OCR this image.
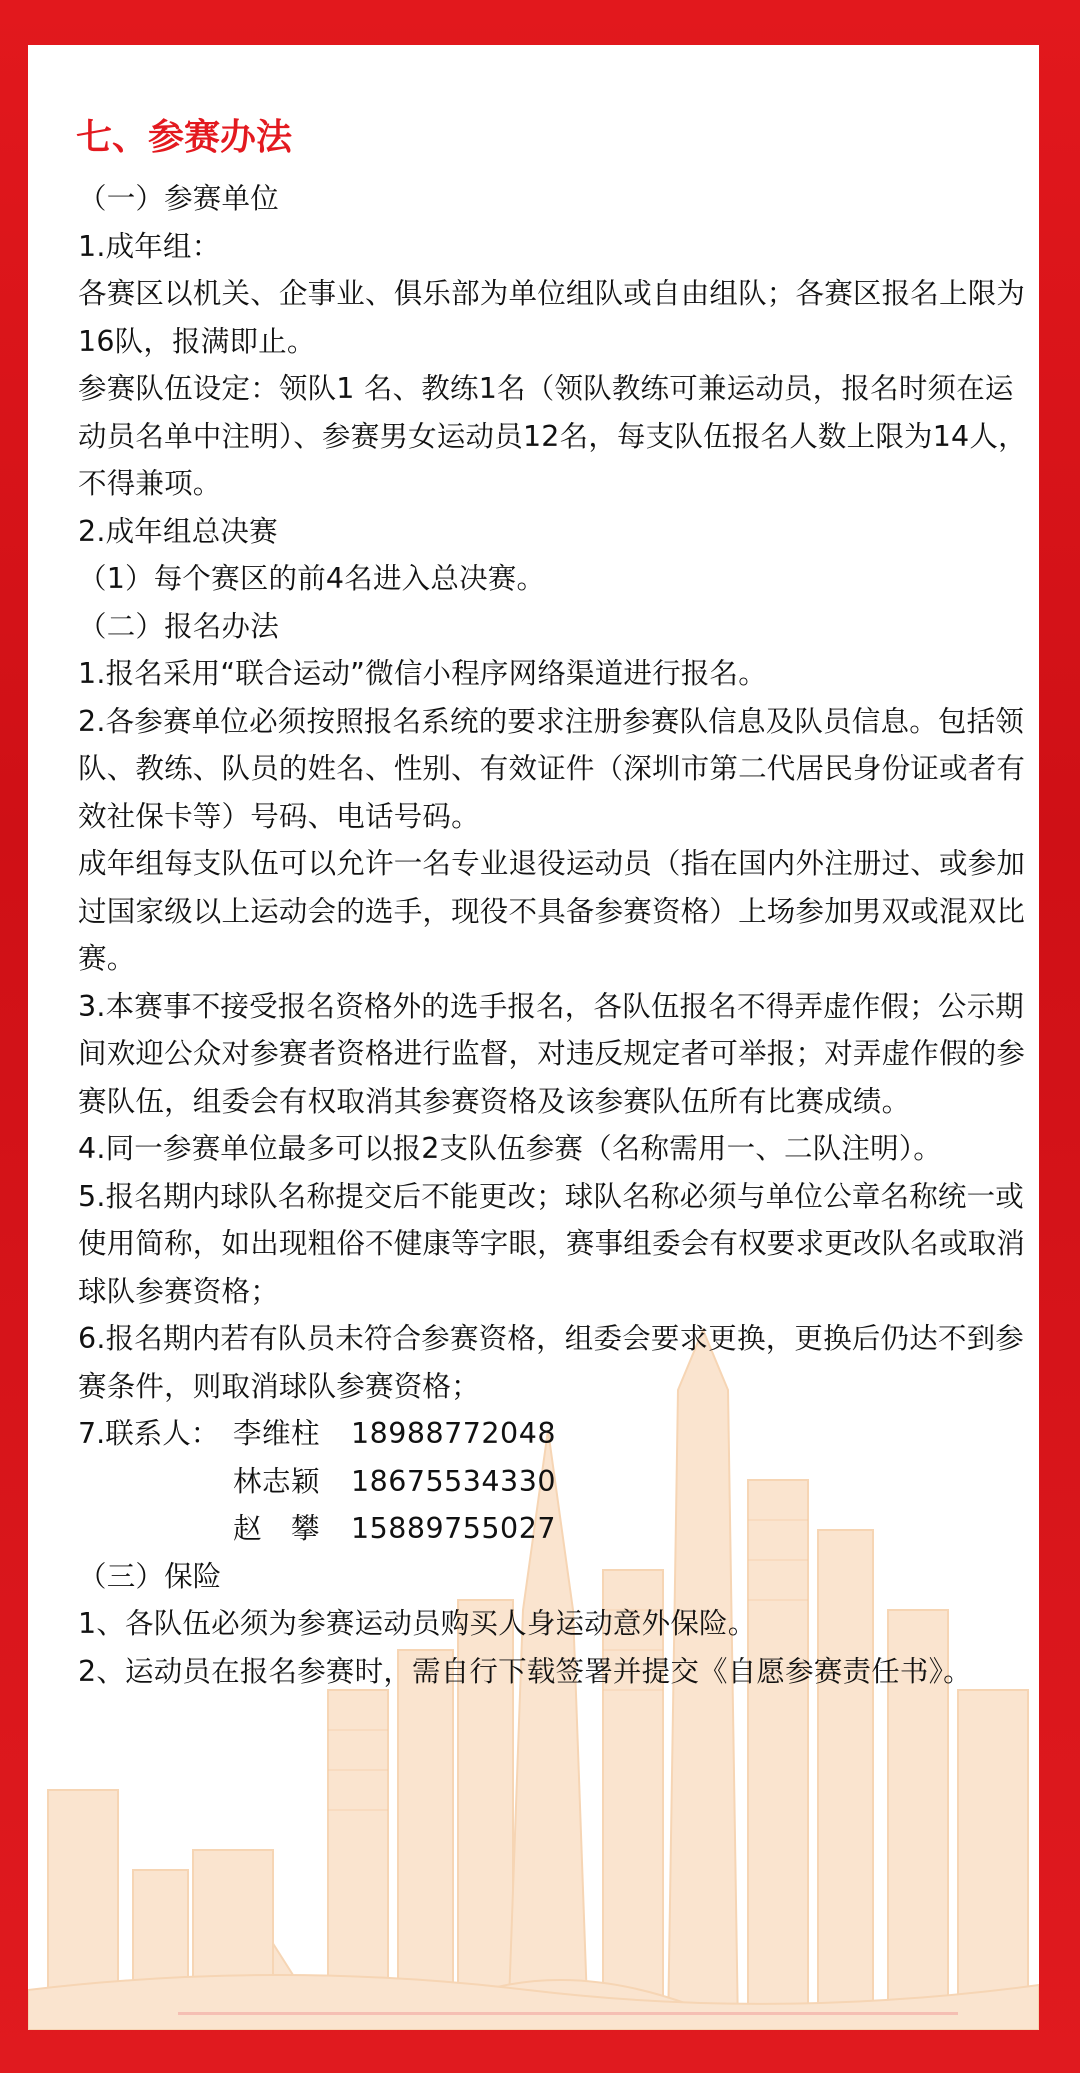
七、参赛办法

（一）参赛单位

1.成年组：

各赛区以机关、企事业、俱乐部为单位组队或自由组队；各赛区报名上限为16队，报满即止。

参赛队伍设定：领队1 名、教练1名（领队教练可兼运动员，报名时须在运动员名单中注明）、参赛男女运动员12名，每支队伍报名人数上限为14人，不得兼项。

2.成年组总决赛

（1）每个赛区的前4名进入总决赛。

（二）报名办法

1.报名采用“联合运动”微信小程序网络渠道进行报名。

2.各参赛单位必须按照报名系统的要求注册参赛队信息及队员信息。包括领队、教练、队员的姓名、性别、有效证件（深圳市第二代居民身份证或者有效社保卡等）号码、电话号码。

成年组每支队伍可以允许一名专业退役运动员（指在国内外注册过、或参加过国家级以上运动会的选手，现役不具备参赛资格）上场参加男双或混双比赛。

3.本赛事不接受报名资格外的选手报名，各队伍报名不得弄虚作假；公示期间欢迎公众对参赛者资格进行监督，对违反规定者可举报；对弄虚作假的参赛队伍，组委会有权取消其参赛资格及该参赛队伍所有比赛成绩。

4.同一参赛单位最多可以报2支队伍参赛（名称需用一、二队注明）。

5.报名期内球队名称提交后不能更改；球队名称必须与单位公章名称统一或使用简称，如出现粗俗不健康等字眼，赛事组委会有权要求更改队名或取消球队参赛资格；

6.报名期内若有队员未符合参赛资格，组委会要求更换，更换后仍达不到参赛条件，则取消球队参赛资格；

7.联系人： 李维柱	18988772048
林志颖	18675534330
赵　攀	15889755027

（三）保险

1、各队伍必须为参赛运动员购买人身运动意外保险。

2、运动员在报名参赛时，需自行下载签署并提交《自愿参赛责任书》。
